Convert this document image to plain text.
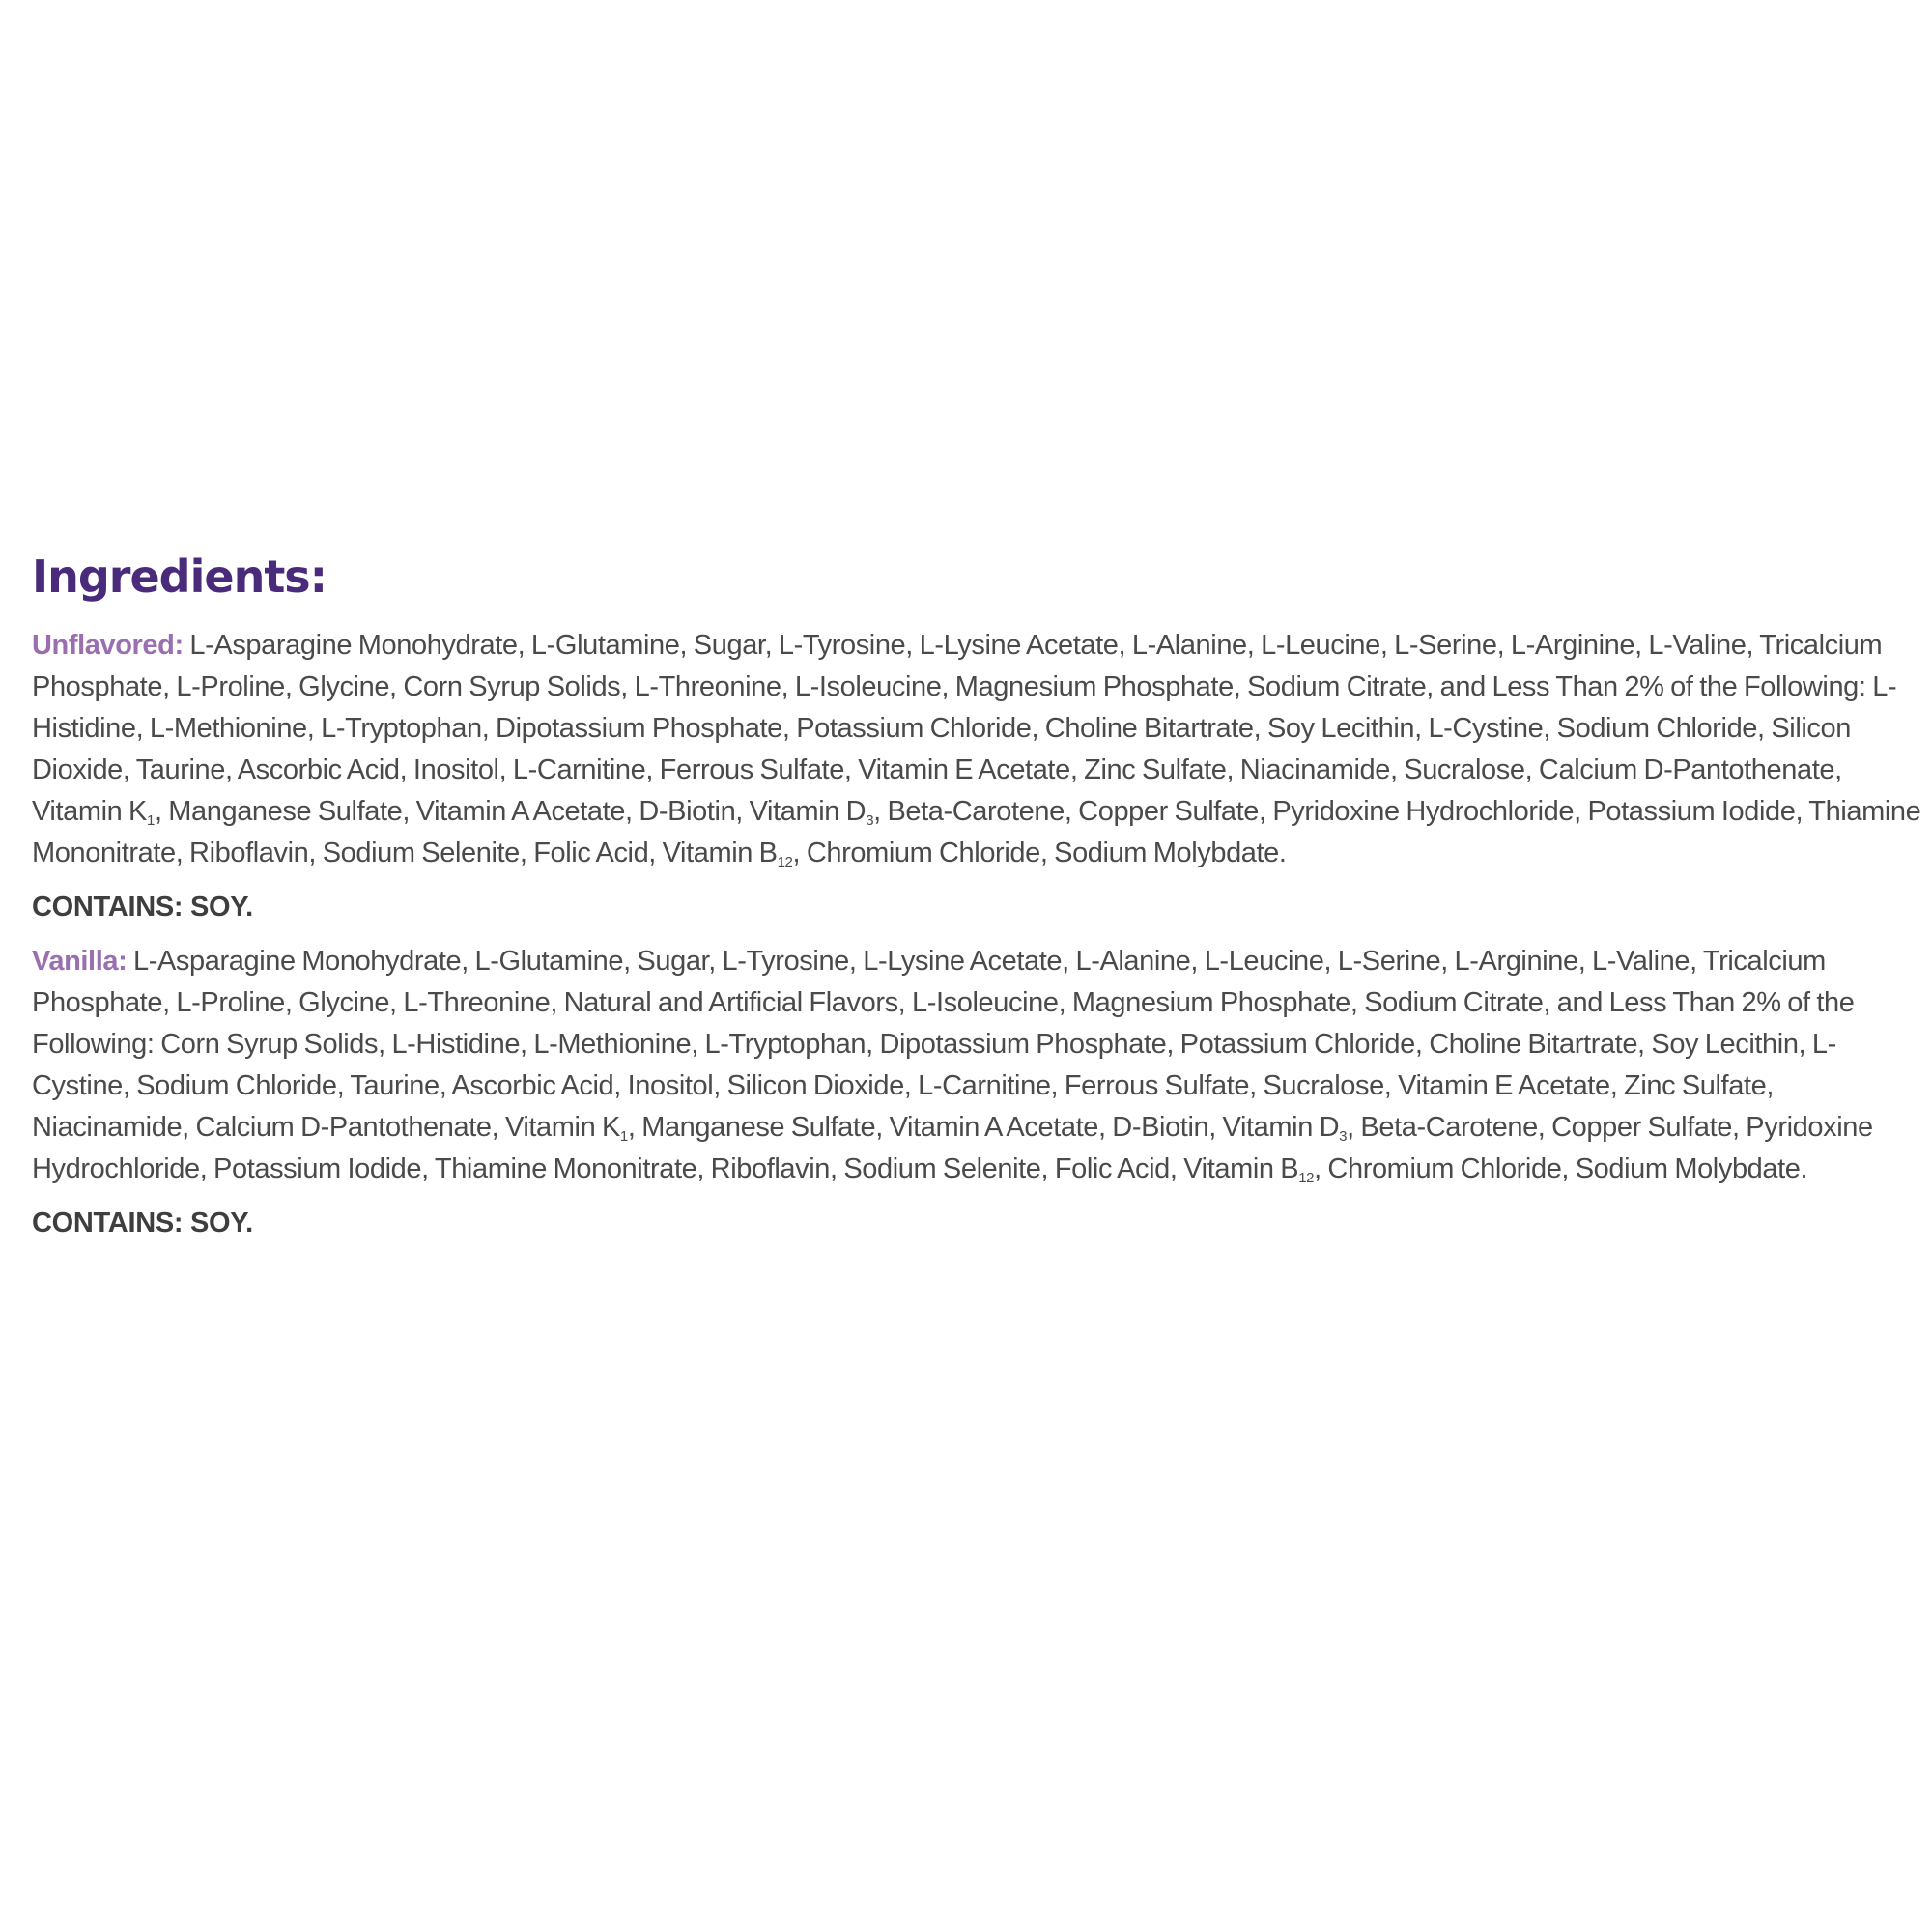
Ingredients:

Unflavored: L-Asparagine Monohydrate, L-Glutamine, Sugar, L-Tyrosine, L-Lysine Acetate, L-Alanine, L-Leucine, L-Serine, L-Arginine, L-Valine, Tricalcium Phosphate, L-Proline, Glycine, Corn Syrup Solids, L-Threonine, L-Isoleucine, Magnesium Phosphate, Sodium Citrate, and Less Than 2% of the Following: L-Histidine, L-Methionine, L-Tryptophan, Dipotassium Phosphate, Potassium Chloride, Choline Bitartrate, Soy Lecithin, L-Cystine, Sodium Chloride, Silicon Dioxide, Taurine, Ascorbic Acid, Inositol, L-Carnitine, Ferrous Sulfate, Vitamin E Acetate, Zinc Sulfate, Niacinamide, Sucralose, Calcium D-Pantothenate, Vitamin $K_1$, Manganese Sulfate, Vitamin A Acetate, D-Biotin, Vitamin $D_3$, Beta-Carotene, Copper Sulfate, Pyridoxine Hydrochloride, Potassium Iodide, Thiamine Mononitrate, Riboflavin, Sodium Selenite, Folic Acid, Vitamin $B_{12}$, Chromium Chloride, Sodium Molybdate.

CONTAINS: SOY.

Vanilla: L-Asparagine Monohydrate, L-Glutamine, Sugar, L-Tyrosine, L-Lysine Acetate, L-Alanine, L-Leucine, L-Serine, L-Arginine, L-Valine, Tricalcium Phosphate, L-Proline, Glycine, L-Threonine, Natural and Artificial Flavors, L-Isoleucine, Magnesium Phosphate, Sodium Citrate, and Less Than 2% of the Following: Corn Syrup Solids, L-Histidine, L-Methionine, L-Tryptophan, Dipotassium Phosphate, Potassium Chloride, Choline Bitartrate, Soy Lecithin, L-Cystine, Sodium Chloride, Taurine, Ascorbic Acid, Inositol, Silicon Dioxide, L-Carnitine, Ferrous Sulfate, Sucralose, Vitamin E Acetate, Zinc Sulfate, Niacinamide, Calcium D-Pantothenate, Vitamin $K_1$, Manganese Sulfate, Vitamin A Acetate, D-Biotin, Vitamin $D_3$, Beta-Carotene, Copper Sulfate, Pyridoxine Hydrochloride, Potassium Iodide, Thiamine Mononitrate, Riboflavin, Sodium Selenite, Folic Acid, Vitamin $B_{12}$, Chromium Chloride, Sodium Molybdate.

CONTAINS: SOY.
